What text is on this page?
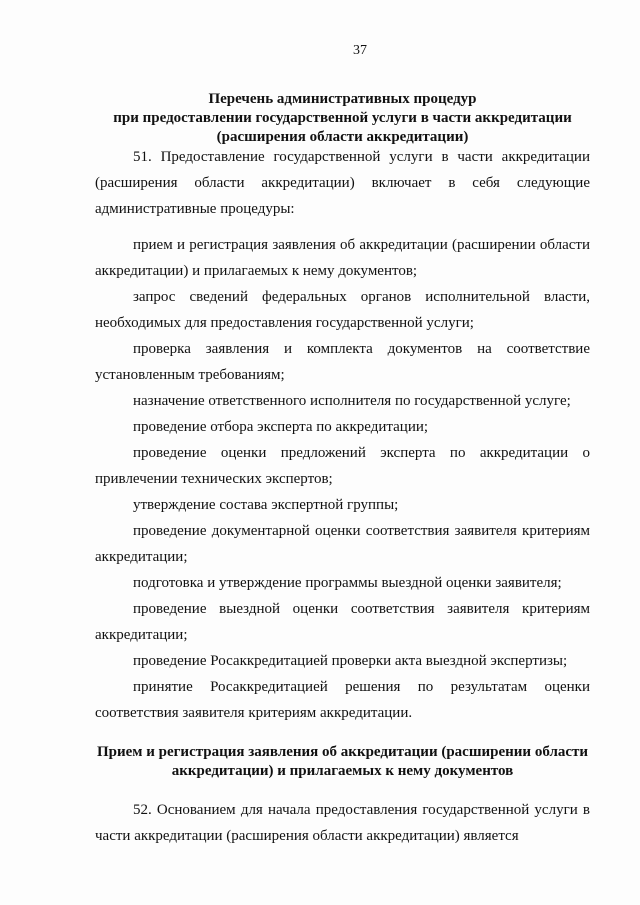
37
Перечень административных процедур
при предоставлении государственной услуги в части аккредитации
(расширения области аккредитации)

51. Предоставление государственной услуги в части аккредитации (расширения области аккредитации) включает в себя следующие административные процедуры:

прием и регистрация заявления об аккредитации (расширении области аккредитации) и прилагаемых к нему документов;

запрос сведений федеральных органов исполнительной власти, необходимых для предоставления государственной услуги;

проверка заявления и комплекта документов на соответствие установленным требованиям;

назначение ответственного исполнителя по государственной услуге;

проведение отбора эксперта по аккредитации;

проведение оценки предложений эксперта по аккредитации о привлечении технических экспертов;

утверждение состава экспертной группы;

проведение документарной оценки соответствия заявителя критериям аккредитации;

подготовка и утверждение программы выездной оценки заявителя;

проведение выездной оценки соответствия заявителя критериям аккредитации;

проведение Росаккредитацией проверки акта выездной экспертизы;

принятие Росаккредитацией решения по результатам оценки соответствия заявителя критериям аккредитации.

Прием и регистрация заявления об аккредитации (расширении области
аккредитации) и прилагаемых к нему документов

52. Основанием для начала предоставления государственной услуги в части аккредитации (расширения области аккредитации) является
